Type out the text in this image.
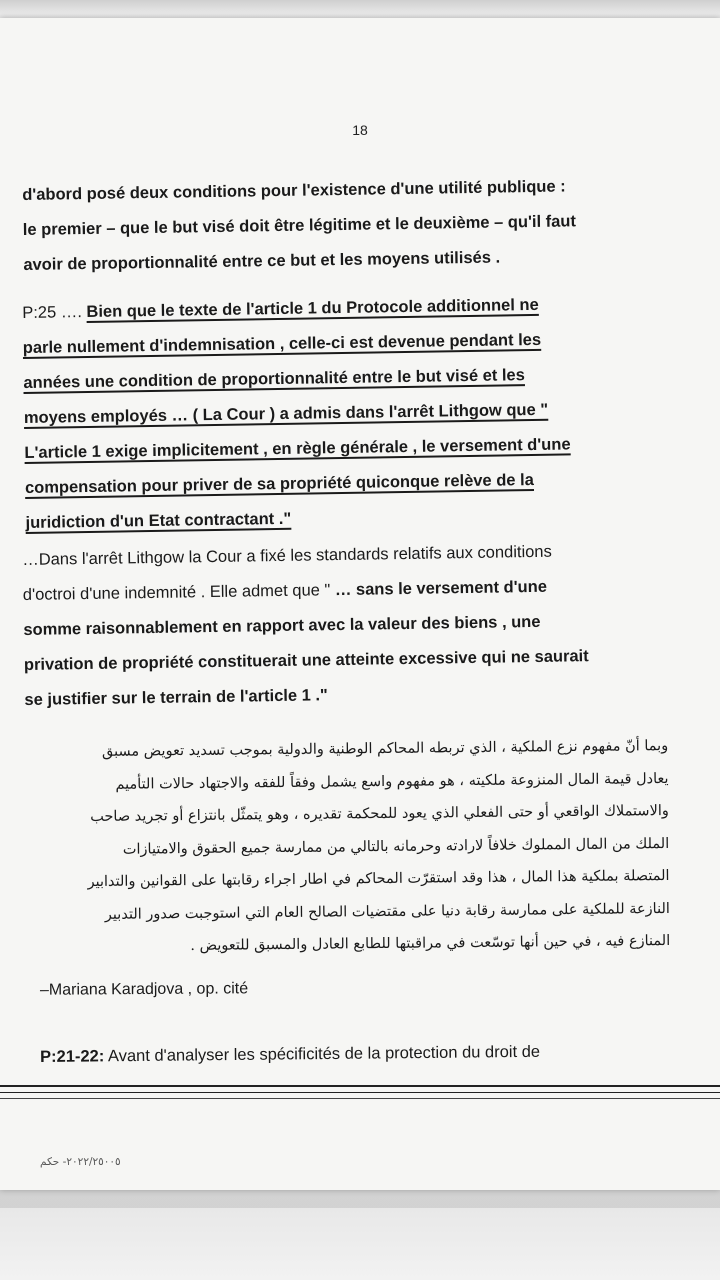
18

d'abord posé deux conditions pour l'existence d'une utilité publique :

le premier – que le but visé doit être légitime et le deuxième – qu'il faut

avoir de proportionnalité entre ce but et les moyens utilisés .

P:25 …. Bien que le texte de l'article 1 du Protocole additionnel ne

parle nullement d'indemnisation , celle-ci est devenue pendant les

années une condition de proportionnalité entre le but visé et les

moyens employés … ( La Cour ) a admis dans l'arrêt Lithgow que "

L'article 1 exige implicitement , en règle générale , le versement d'une

compensation pour priver de sa propriété quiconque relève de la

juridiction d'un Etat contractant ."

…Dans l'arrêt Lithgow la Cour a fixé les standards relatifs aux conditions

d'octroi d'une indemnité . Elle admet que " … sans le versement d'une

somme raisonnablement en rapport avec la valeur des biens , une

privation de propriété constituerait une atteinte excessive qui ne saurait

se justifier sur le terrain de l'article 1 ."

وبما أنّ مفهوم نزع الملكية ، الذي تربطه المحاكم الوطنية والدولية بموجب تسديد تعويض مسبق
يعادل قيمة المال المنزوعة ملكيته ، هو مفهوم واسع يشمل وفقاً للفقه والاجتهاد حالات التأميم
والاستملاك الواقعي أو حتى الفعلي الذي يعود للمحكمة تقديره ، وهو يتمثّل بانتزاع أو تجريد صاحب
الملك من المال المملوك خلافاً لارادته وحرمانه بالتالي من ممارسة جميع الحقوق والامتيازات
المتصلة بملكية هذا المال ، هذا وقد استقرّت المحاكم في اطار اجراء رقابتها على القوانين والتدابير
النازعة للملكية على ممارسة رقابة دنيا على مقتضيات الصالح العام التي استوجبت صدور التدبير
المنازع فيه ، في حين أنها توسّعت في مراقبتها للطابع العادل والمسبق للتعويض .
–Mariana Karadjova , op. cité
P:21-22: Avant d'analyser les spécificités de la protection du droit de
٢٠٢٢/٢٥٠٠٥- حكم
